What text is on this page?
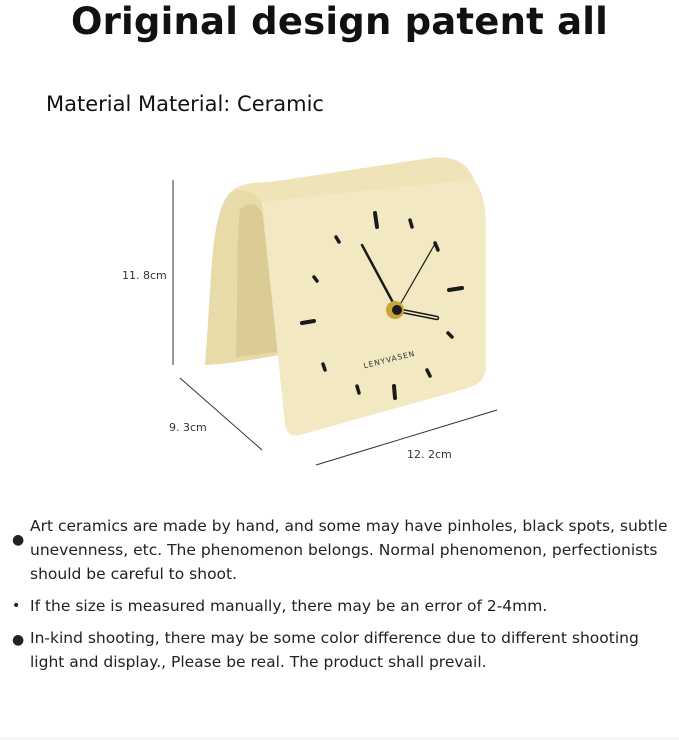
Original design patent all
Material Material: Ceramic
LENYVASEN
11. 8cm
9. 3cm
12. 2cm
●
Art ceramics are made by hand, and some may have pinholes, black spots, subtle unevenness, etc. The phenomenon belongs. Normal phenomenon, perfectionists should be careful to shoot.
• If the size is measured manually, there may be an error of 2-4mm.
● In-kind shooting, there may be some color difference due to different shooting light and display., Please be real. The product shall prevail.
